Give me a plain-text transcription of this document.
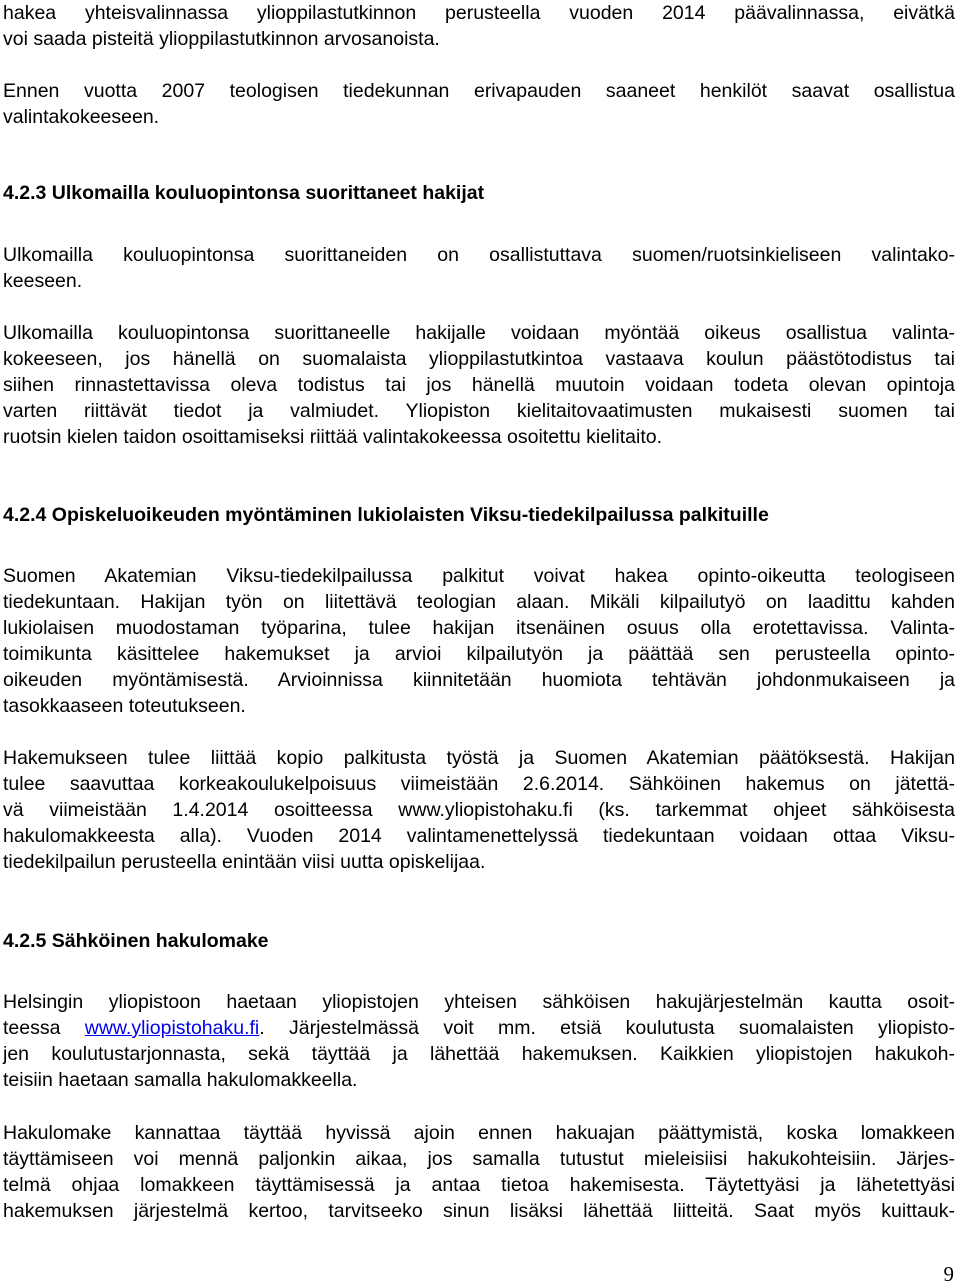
hakea yhteisvalinnassa ylioppilastutkinnon perusteella vuoden 2014 päävalinnassa, eivätkä
voi saada pisteitä ylioppilastutkinnon arvosanoista.
Ennen vuotta 2007 teologisen tiedekunnan erivapauden saaneet henkilöt saavat osallistua
valintakokeeseen.
4.2.3 Ulkomailla kouluopintonsa suorittaneet hakijat
Ulkomailla kouluopintonsa suorittaneiden on osallistuttava suomen/ruotsinkieliseen valintako-
keeseen.
Ulkomailla kouluopintonsa suorittaneelle hakijalle voidaan myöntää oikeus osallistua valinta-
kokeeseen, jos hänellä on suomalaista ylioppilastutkintoa vastaava koulun päästötodistus tai
siihen rinnastettavissa oleva todistus tai jos hänellä muutoin voidaan todeta olevan opintoja
varten riittävät tiedot ja valmiudet. Yliopiston kielitaitovaatimusten mukaisesti suomen tai
ruotsin kielen taidon osoittamiseksi riittää valintakokeessa osoitettu kielitaito.
4.2.4 Opiskeluoikeuden myöntäminen lukiolaisten Viksu-tiedekilpailussa palkituille
Suomen Akatemian Viksu-tiedekilpailussa palkitut voivat hakea opinto-oikeutta teologiseen
tiedekuntaan. Hakijan työn on liitettävä teologian alaan. Mikäli kilpailutyö on laadittu kahden
lukiolaisen muodostaman työparina, tulee hakijan itsenäinen osuus olla erotettavissa. Valinta-
toimikunta käsittelee hakemukset ja arvioi kilpailutyön ja päättää sen perusteella opinto-
oikeuden myöntämisestä. Arvioinnissa kiinnitetään huomiota tehtävän johdonmukaiseen ja
tasokkaaseen toteutukseen.
Hakemukseen tulee liittää kopio palkitusta työstä ja Suomen Akatemian päätöksestä. Hakijan
tulee saavuttaa korkeakoulukelpoisuus viimeistään 2.6.2014. Sähköinen hakemus on jätettä-
vä viimeistään 1.4.2014 osoitteessa www.yliopistohaku.fi (ks. tarkemmat ohjeet sähköisesta
hakulomakkeesta alla). Vuoden 2014 valintamenettelyssä tiedekuntaan voidaan ottaa Viksu-
tiedekilpailun perusteella enintään viisi uutta opiskelijaa.
4.2.5 Sähköinen hakulomake
Helsingin yliopistoon haetaan yliopistojen yhteisen sähköisen hakujärjestelmän kautta osoit-
teessa www.yliopistohaku.fi. Järjestelmässä voit mm. etsiä koulutusta suomalaisten yliopisto-
jen koulutustarjonnasta, sekä täyttää ja lähettää hakemuksen. Kaikkien yliopistojen hakukoh-
teisiin haetaan samalla hakulomakkeella.
Hakulomake kannattaa täyttää hyvissä ajoin ennen hakuajan päättymistä, koska lomakkeen
täyttämiseen voi mennä paljonkin aikaa, jos samalla tutustut mieleisiisi hakukohteisiin. Järjes-
telmä ohjaa lomakkeen täyttämisessä ja antaa tietoa hakemisesta. Täytettyäsi ja lähetettyäsi
hakemuksen järjestelmä kertoo, tarvitseeko sinun lisäksi lähettää liitteitä. Saat myös kuittauk-
9
